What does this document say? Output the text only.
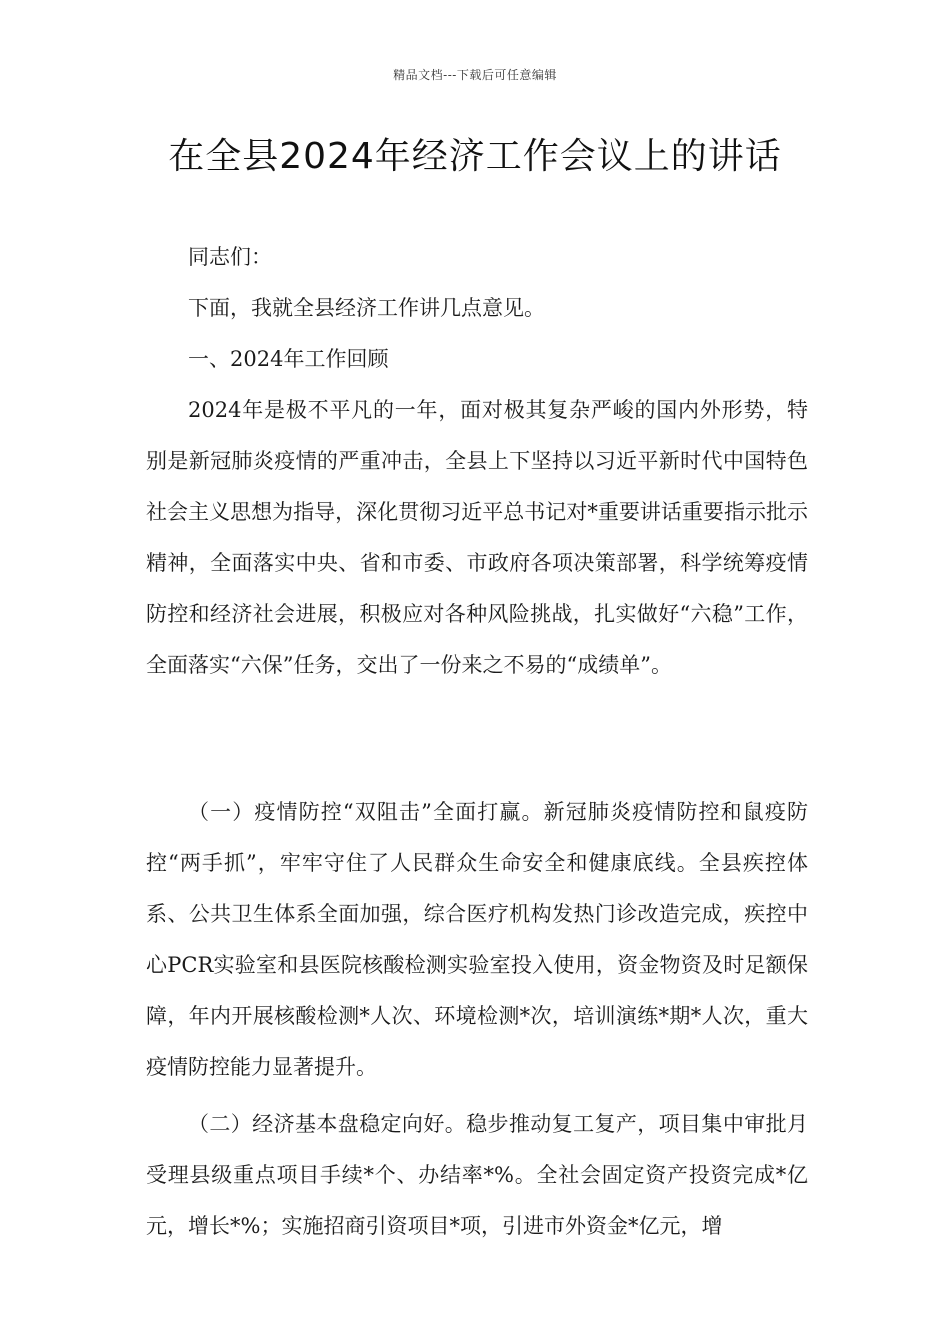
精品文档---下载后可任意编辑
在全县2024年经济工作会议上的讲话

同志们：

下面，我就全县经济工作讲几点意见。

一、2024年工作回顾

2024年是极不平凡的一年，面对极其复杂严峻的国内外形势，特别是新冠肺炎疫情的严重冲击，全县上下坚持以习近平新时代中国特色社会主义思想为指导，深化贯彻习近平总书记对*重要讲话重要指示批示精神，全面落实中央、省和市委、市政府各项决策部署，科学统筹疫情防控和经济社会进展，积极应对各种风险挑战，扎实做好“六稳”工作，全面落实“六保”任务，交出了一份来之不易的“成绩单”。

（一）疫情防控“双阻击”全面打赢。新冠肺炎疫情防控和鼠疫防控“两手抓”，牢牢守住了人民群众生命安全和健康底线。全县疾控体系、公共卫生体系全面加强，综合医疗机构发热门诊改造完成，疾控中心PCR实验室和县医院核酸检测实验室投入使用，资金物资及时足额保障，年内开展核酸检测*人次、环境检测*次，培训演练*期*人次，重大疫情防控能力显著提升。

（二）经济基本盘稳定向好。稳步推动复工复产，项目集中审批月受理县级重点项目手续*个、办结率*%。全社会固定资产投资完成*亿元，增长*%；实施招商引资项目*项，引进市外资金*亿元，增
